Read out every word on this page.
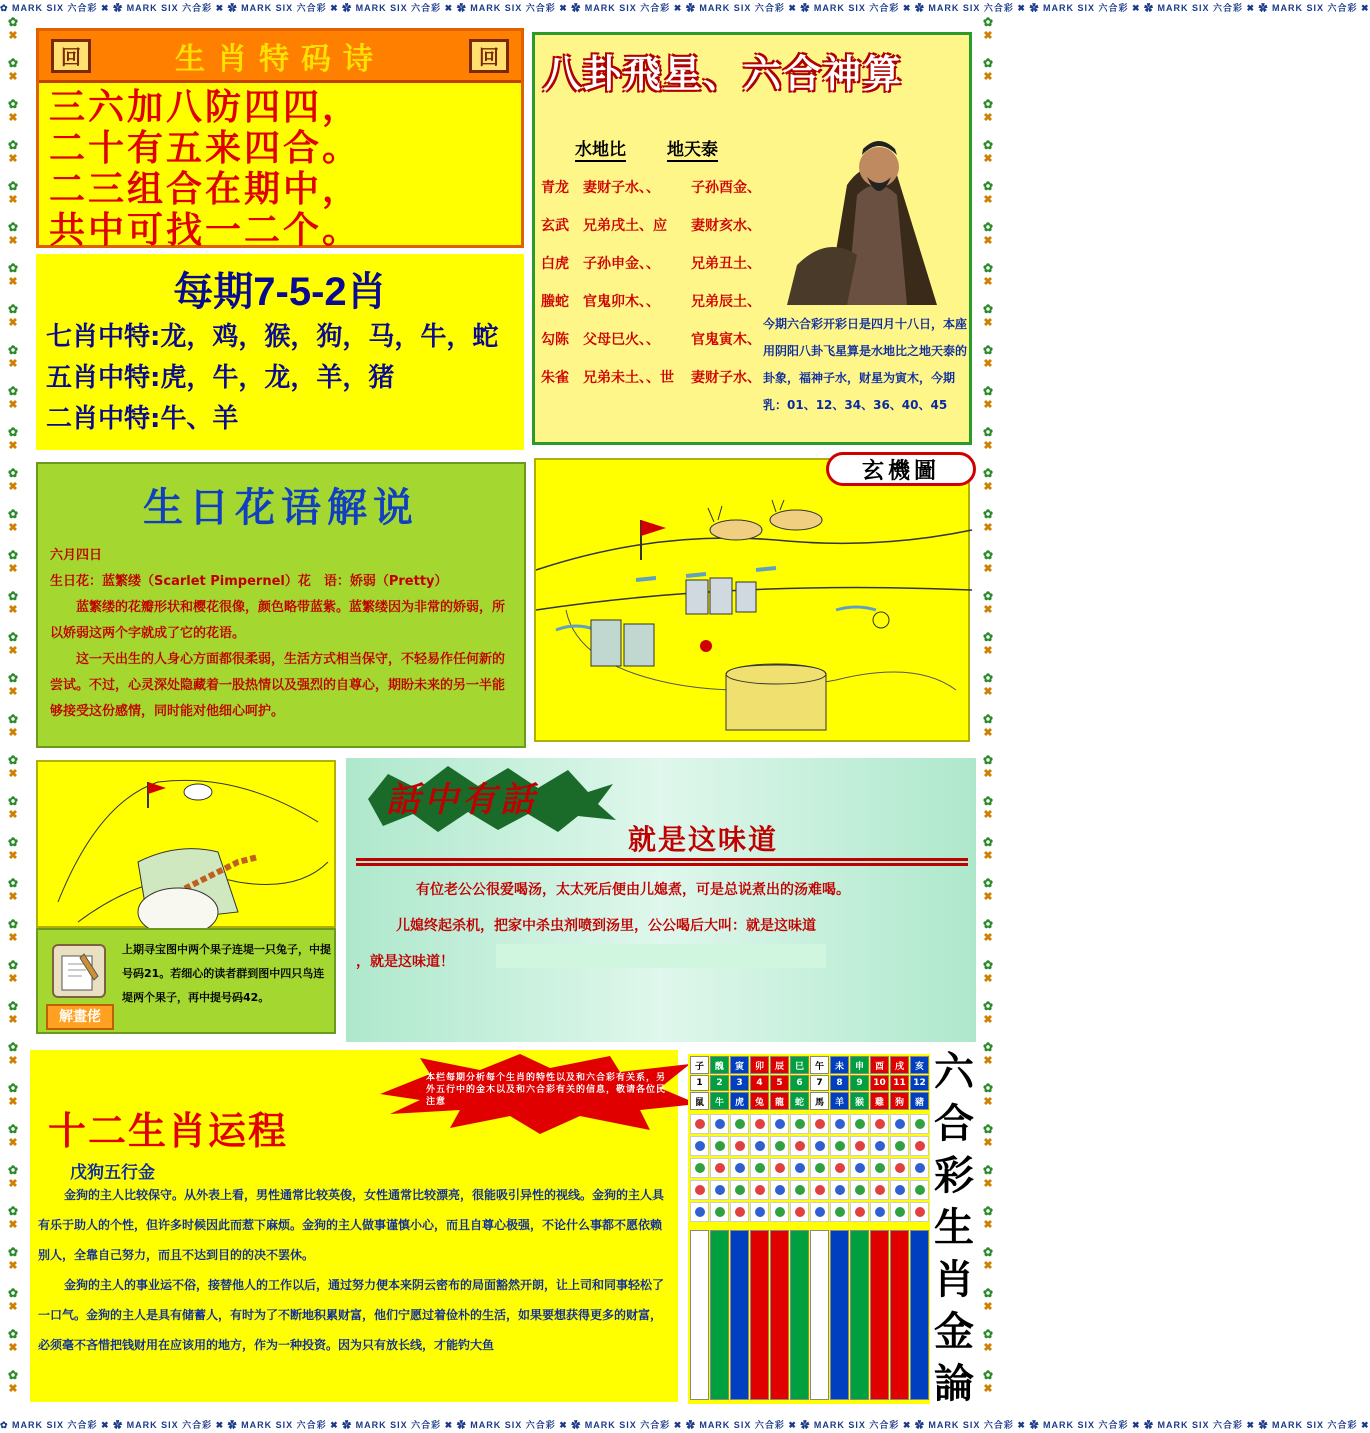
✿ MARK SIX 六合彩 ✖ ✿ MARK SIX 六合彩 ✖ ✿ MARK SIX 六合彩 ✖ ✿ MARK SIX 六合彩 ✖ ✿ MARK SIX 六合彩 ✖ ✿ MARK SIX 六合彩 ✖ ✿ MARK SIX 六合彩 ✖ ✿ MARK SIX 六合彩 ✖ ✿ MARK SIX 六合彩 ✖ ✿ MARK SIX 六合彩 ✖ ✿ MARK SIX 六合彩 ✖ ✿ MARK SIX 六合彩 ✖
✿ MARK SIX 六合彩 ✖ ✿ MARK SIX 六合彩 ✖ ✿ MARK SIX 六合彩 ✖ ✿ MARK SIX 六合彩 ✖ ✿ MARK SIX 六合彩 ✖ ✿ MARK SIX 六合彩 ✖ ✿ MARK SIX 六合彩 ✖ ✿ MARK SIX 六合彩 ✖ ✿ MARK SIX 六合彩 ✖ ✿ MARK SIX 六合彩 ✖ ✿ MARK SIX 六合彩 ✖ ✿ MARK SIX 六合彩 ✖
✿
✖
✿
✖
✿
✖
✿
✖
✿
✖
✿
✖
✿
✖
✿
✖
✿
✖
✿
✖
✿
✖
✿
✖
✿
✖
✿
✖
✿
✖
✿
✖
✿
✖
✿
✖
✿
✖
✿
✖
✿
✖
✿
✖
✿
✖
✿
✖
✿
✖
✿
✖
✿
✖
✿
✖
✿
✖
✿
✖
✿
✖
✿
✖
✿
✖
✿
✖
✿
✖
✿
✖
✿
✖
✿
✖
✿
✖
✿
✖
✿
✖
✿
✖
✿
✖
✿
✖
✿
✖
✿
✖
✿
✖
✿
✖
✿
✖
✿
✖
✿
✖
✿
✖
✿
✖
✿
✖
✿
✖
✿
✖
✿
✖
✿
✖
✿
✖
✿
✖
✿
✖
✿
✖
✿
✖
✿
✖
✿
✖
✿
✖
✿
✖
✿
✖
回	生肖特码诗	回
三六加八防四四，
二十有五来四合。
二三组合在期中，
共中可找一二个。
每期7-5-2肖
七肖中特:龙，鸡，猴，狗，马，牛，蛇
五肖中特:虎，牛，龙，羊，猪
二肖中特:牛、羊
八卦飛星、六合神算
水地比 地天泰
青龙　妻财子水、、
玄武　兄弟戌土、应
白虎　子孙申金、、
螣蛇　官鬼卯木、、
勾陈　父母巳火、、
朱雀　兄弟未土、、世
子孙酉金、
妻财亥水、
兄弟丑土、
兄弟辰土、
官鬼寅木、
妻财子水、
今期六合彩开彩日是四月十八日，本座用阴阳八卦飞星算是水地比之地天泰的卦象，福神子水，财星为寅木，今期乳：01、12、34、36、40、45
生日花语解说

六月四日

生日花：蓝繁缕（Scarlet Pimpernel）花　语：娇弱（Pretty）

蓝繁缕的花瓣形状和樱花很像，颜色略带蓝紫。蓝繁缕因为非常的娇弱，所以娇弱这两个字就成了它的花语。

这一天出生的人身心方面都很柔弱，生活方式相当保守，不轻易作任何新的尝试。不过，心灵深处隐藏着一股热情以及强烈的自尊心，期盼未来的另一半能够接受这份感情，同时能对他细心呵护。

玄機圖
解畫佬
上期寻宝图中两个果子连堤一只兔子，中提号码21。若细心的读者群到图中四只鸟连堤两个果子，再中提号码42。
話中有話
就是这味道

有位老公公很爱喝汤，太太死后便由儿媳煮，可是总说煮出的汤难喝。

儿媳终起杀机，把家中杀虫剂喷到汤里，公公喝后大叫：就是这味道

，就是这味道！
本栏每期分析每个生肖的特性以及和六合彩有关系，另外五行中的金木以及和六合彩有关的信息，敬请各位民注意
十二生肖运程
戊狗五行金

金狗的主人比较保守。从外表上看，男性通常比较英俊，女性通常比较漂亮，很能吸引异性的视线。金狗的主人具有乐于助人的个性，但许多时候因此而惹下麻烦。金狗的主人做事谨慎小心，而且自尊心极强，不论什么事都不愿依赖别人，全靠自己努力，而且不达到目的的决不罢休。

金狗的主人的事业运不俗，接替他人的工作以后，通过努力便本来阴云密布的局面豁然开朗，让上司和同事轻松了一口气。金狗的主人是具有储蓄人，有时为了不断地积累财富，他们宁愿过着俭朴的生活，如果要想获得更多的财富，必须毫不吝惜把钱财用在应该用的地方，作为一种投资。因为只有放长线，才能钓大鱼

子
1
鼠
醜
2
牛
寅
3
虎
卯
4
兔
辰
5
龍
巳
6
蛇
午
7
馬
未
8
羊
申
9
猴
酉
10
雞
戌
11
狗
亥
12
豬
六
合
彩
生
肖
金
論
